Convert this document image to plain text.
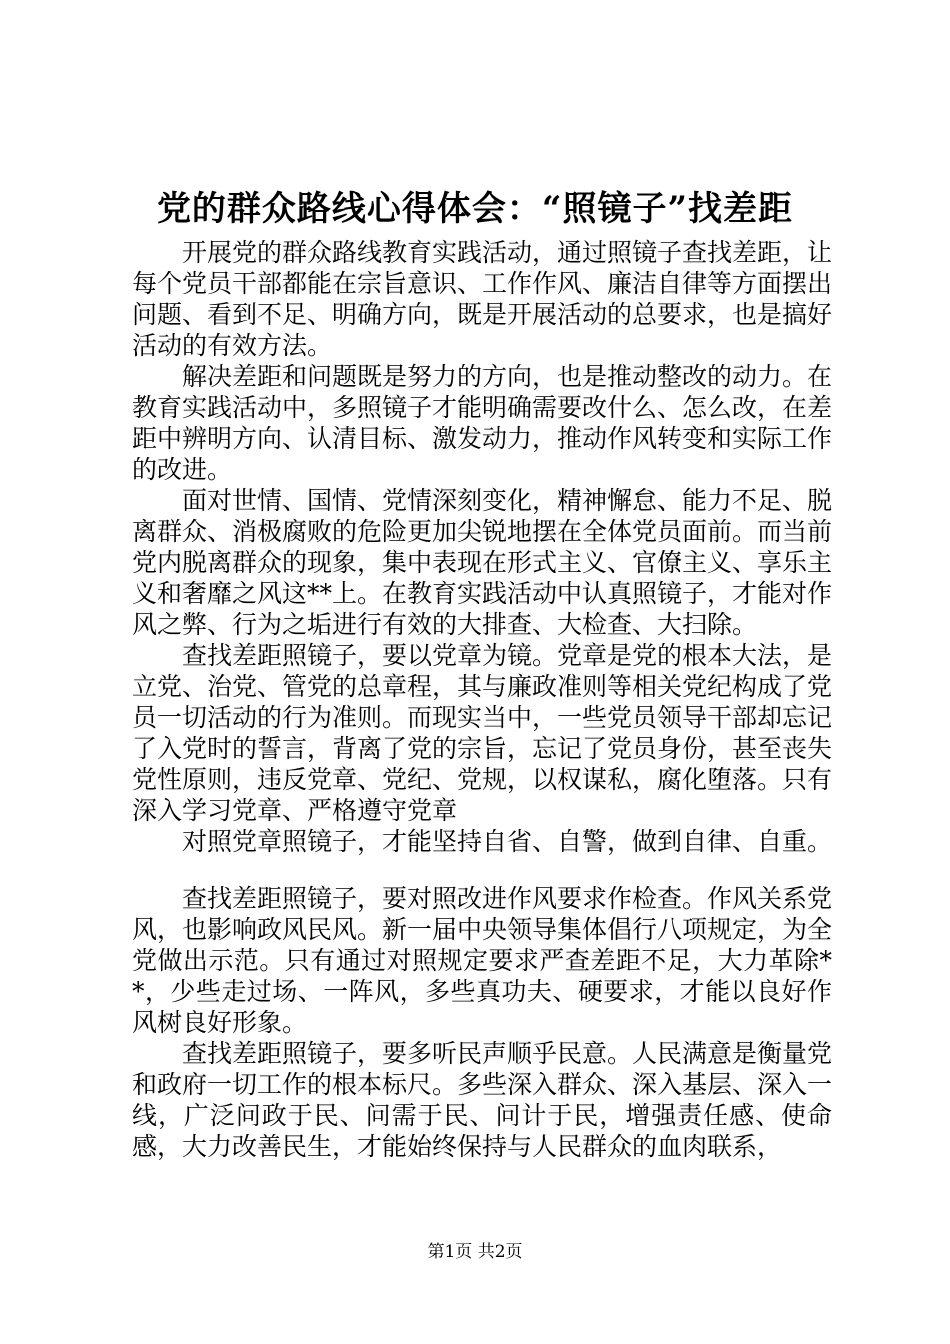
党的群众路线心得体会：“照镜子”找差距

开展党的群众路线教育实践活动，通过照镜子查找差距，让每个党员干部都能在宗旨意识、工作作风、廉洁自律等方面摆出问题、看到不足、明确方向，既是开展活动的总要求，也是搞好活动的有效方法。

解决差距和问题既是努力的方向，也是推动整改的动力。在教育实践活动中，多照镜子才能明确需要改什么、怎么改，在差距中辨明方向、认清目标、激发动力，推动作风转变和实际工作的改进。

面对世情、国情、党情深刻变化，精神懈怠、能力不足、脱离群众、消极腐败的危险更加尖锐地摆在全体党员面前。而当前党内脱离群众的现象，集中表现在形式主义、官僚主义、享乐主义和奢靡之风这**上。在教育实践活动中认真照镜子，才能对作风之弊、行为之垢进行有效的大排查、大检查、大扫除。

查找差距照镜子，要以党章为镜。党章是党的根本大法，是立党、治党、管党的总章程，其与廉政准则等相关党纪构成了党员一切活动的行为准则。而现实当中，一些党员领导干部却忘记了入党时的誓言，背离了党的宗旨，忘记了党员身份，甚至丧失党性原则，违反党章、党纪、党规，以权谋私，腐化堕落。只有深入学习党章、严格遵守党章

对照党章照镜子，才能坚持自省、自警，做到自律、自重。

查找差距照镜子，要对照改进作风要求作检查。作风关系党风，也影响政风民风。新一届中央领导集体倡行八项规定，为全党做出示范。只有通过对照规定要求严查差距不足，大力革除**，少些走过场、一阵风，多些真功夫、硬要求，才能以良好作风树良好形象。

查找差距照镜子，要多听民声顺乎民意。人民满意是衡量党和政府一切工作的根本标尺。多些深入群众、深入基层、深入一线，广泛问政于民、问需于民、问计于民，增强责任感、使命感，大力改善民生，才能始终保持与人民群众的血肉联系，

第1页 共2页
